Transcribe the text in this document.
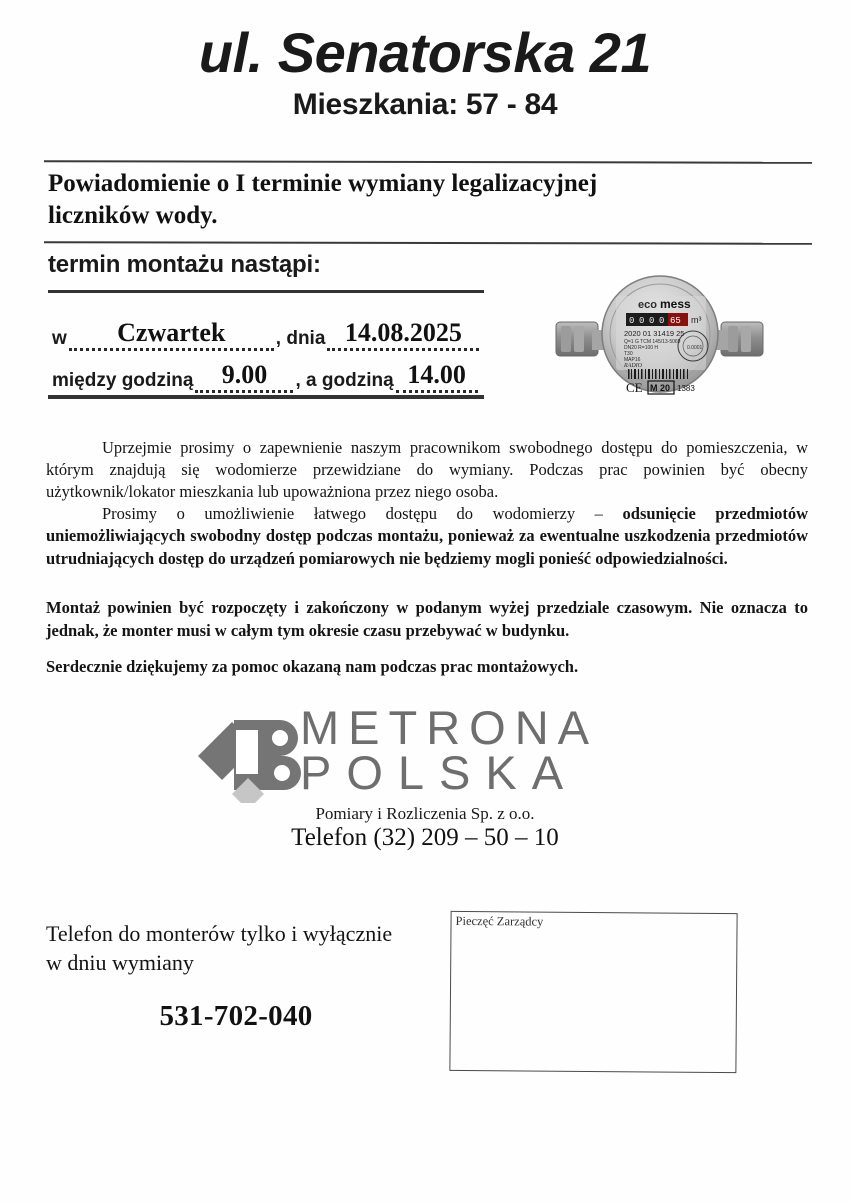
ul. Senatorska 21
Mieszkania: 57 - 84
Powiadomienie o I terminie wymiany legalizacyjnej
liczników wody.
termin montażu nastąpi:
w	Czwartek	, dnia 14.08.2025
między godziną	9.00	, a godziną 14.00
eco mess
0 0 0 0 65 m³
2020 01 31419 25
Q=1 G TCM 145/13-5069
DN20 R=100 H
T30
MAP16
RADIO
0.0001
CE M 20 1383
Uprzejmie prosimy o zapewnienie naszym pracownikom swobodnego dostępu do pomieszczenia, w którym znajdują się wodomierze przewidziane do wymiany. Podczas prac powinien być obecny użytkownik/lokator mieszkania lub upoważniona przez niego osoba.
Prosimy o umożliwienie łatwego dostępu do wodomierzy – odsunięcie przedmiotów uniemożliwiających swobodny dostęp podczas montażu, ponieważ za ewentualne uszkodzenia przedmiotów utrudniających dostęp do urządzeń pomiarowych nie będziemy mogli ponieść odpowiedzialności.
Montaż powinien być rozpoczęty i zakończony w podanym wyżej przedziale czasowym. Nie oznacza to jednak, że monter musi w całym tym okresie czasu przebywać w budynku.
Serdecznie dziękujemy za pomoc okazaną nam podczas prac montażowych.
METRONA
POLSKA
Pomiary i Rozliczenia Sp. z o.o.
Telefon (32) 209 – 50 – 10
Telefon do monterów tylko i wyłącznie
w dniu wymiany
531-702-040
Pieczęć Zarządcy
